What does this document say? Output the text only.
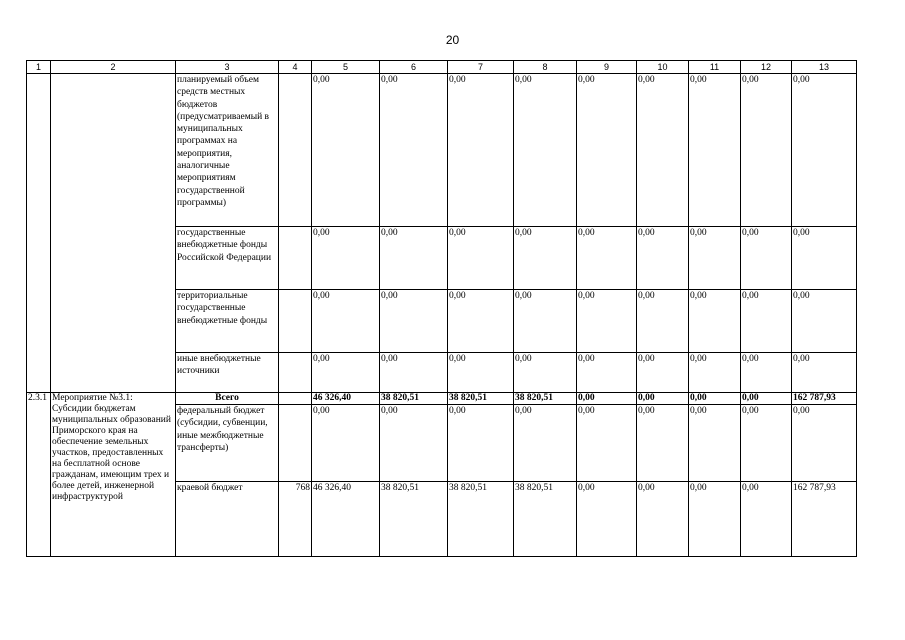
20
1	2	3	4	5	6	7	8	9	10	11	12	13
		планируемый объем средств местных бюджетов (предусматриваемый в муниципальных программах на мероприятия, аналогичные мероприятиям государственной программы)		0,00	0,00	0,00	0,00	0,00	0,00	0,00	0,00	0,00
		государственные внебюджетные фонды Российской Федерации		0,00	0,00	0,00	0,00	0,00	0,00	0,00	0,00	0,00
		территориальные государственные внебюджетные фонды		0,00	0,00	0,00	0,00	0,00	0,00	0,00	0,00	0,00
		иные внебюджетные источники		0,00	0,00	0,00	0,00	0,00	0,00	0,00	0,00	0,00
2.3.1	Мероприятие №3.1: Субсидии бюджетам муниципальных образований Приморского края на обеспечение земельных участков, предоставленных на бесплатной основе гражданам, имеющим трех и более детей, инженерной инфраструктурой	Всего		46 326,40	38 820,51	38 820,51	38 820,51	0,00	0,00	0,00	0,00	162 787,93
		федеральный бюджет (субсидии, субвенции, иные межбюджетные трансферты)		0,00	0,00	0,00	0,00	0,00	0,00	0,00	0,00	0,00
		краевой бюджет	768	46 326,40	38 820,51	38 820,51	38 820,51	0,00	0,00	0,00	0,00	162 787,93
